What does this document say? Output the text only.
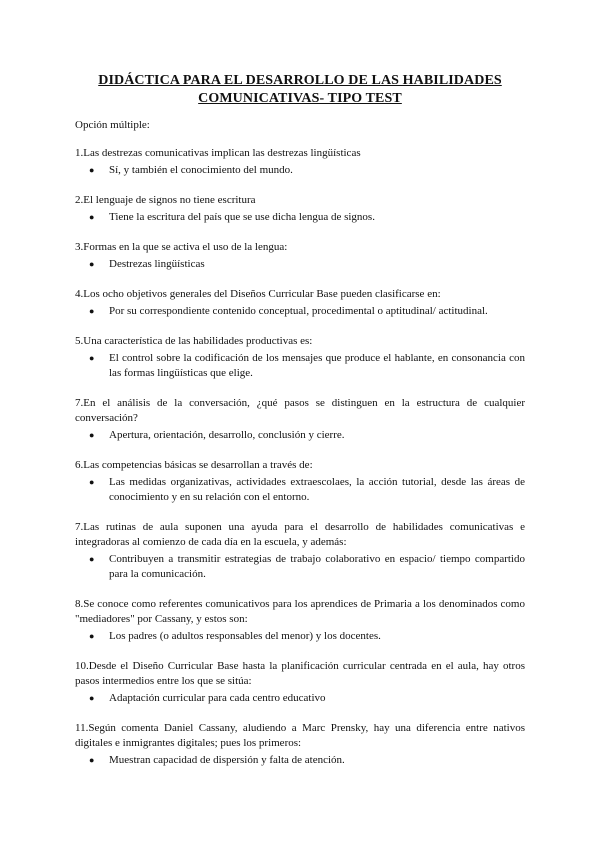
DIDÁCTICA PARA EL DESARROLLO DE LAS HABILIDADES
COMUNICATIVAS- TIPO TEST

Opción múltiple:

1.Las destrezas comunicativas implican las destrezas lingüísticas

● Sí, y también el conocimiento del mundo.

2.El lenguaje de signos no tiene escritura

● Tiene la escritura del país que se use dicha lengua de signos.

3.Formas en la que se activa el uso de la lengua:

● Destrezas lingüísticas

4.Los ocho objetivos generales del Diseños Curricular Base pueden clasificarse en:

● Por su correspondiente contenido conceptual, procedimental o aptitudinal/ actitudinal.

5.Una característica de las habilidades productivas es:

● El control sobre la codificación de los mensajes que produce el hablante, en consonancia con las formas lingüísticas que elige.

7.En el análisis de la conversación, ¿qué pasos se distinguen en la estructura de cualquier conversación?

● Apertura, orientación, desarrollo, conclusión y cierre.

6.Las competencias básicas se desarrollan a través de:

● Las medidas organizativas, actividades extraescolaes, la acción tutorial, desde las áreas de conocimiento y en su relación con el entorno.

7.Las rutinas de aula suponen una ayuda para el desarrollo de habilidades comunicativas e integradoras al comienzo de cada día en la escuela, y además:

● Contribuyen a transmitir estrategias de trabajo colaborativo en espacio/ tiempo compartido para la comunicación.

8.Se conoce como referentes comunicativos para los aprendices de Primaria a los denominados como "mediadores" por Cassany, y estos son:

● Los padres (o adultos responsables del menor) y los docentes.

10.Desde el Diseño Curricular Base hasta la planificación curricular centrada en el aula, hay otros pasos intermedios entre los que se sitúa:

● Adaptación curricular para cada centro educativo

11.Según comenta Daniel Cassany, aludiendo a Marc Prensky, hay una diferencia entre nativos digitales e inmigrantes digitales; pues los primeros:

● Muestran capacidad de dispersión y falta de atención.
